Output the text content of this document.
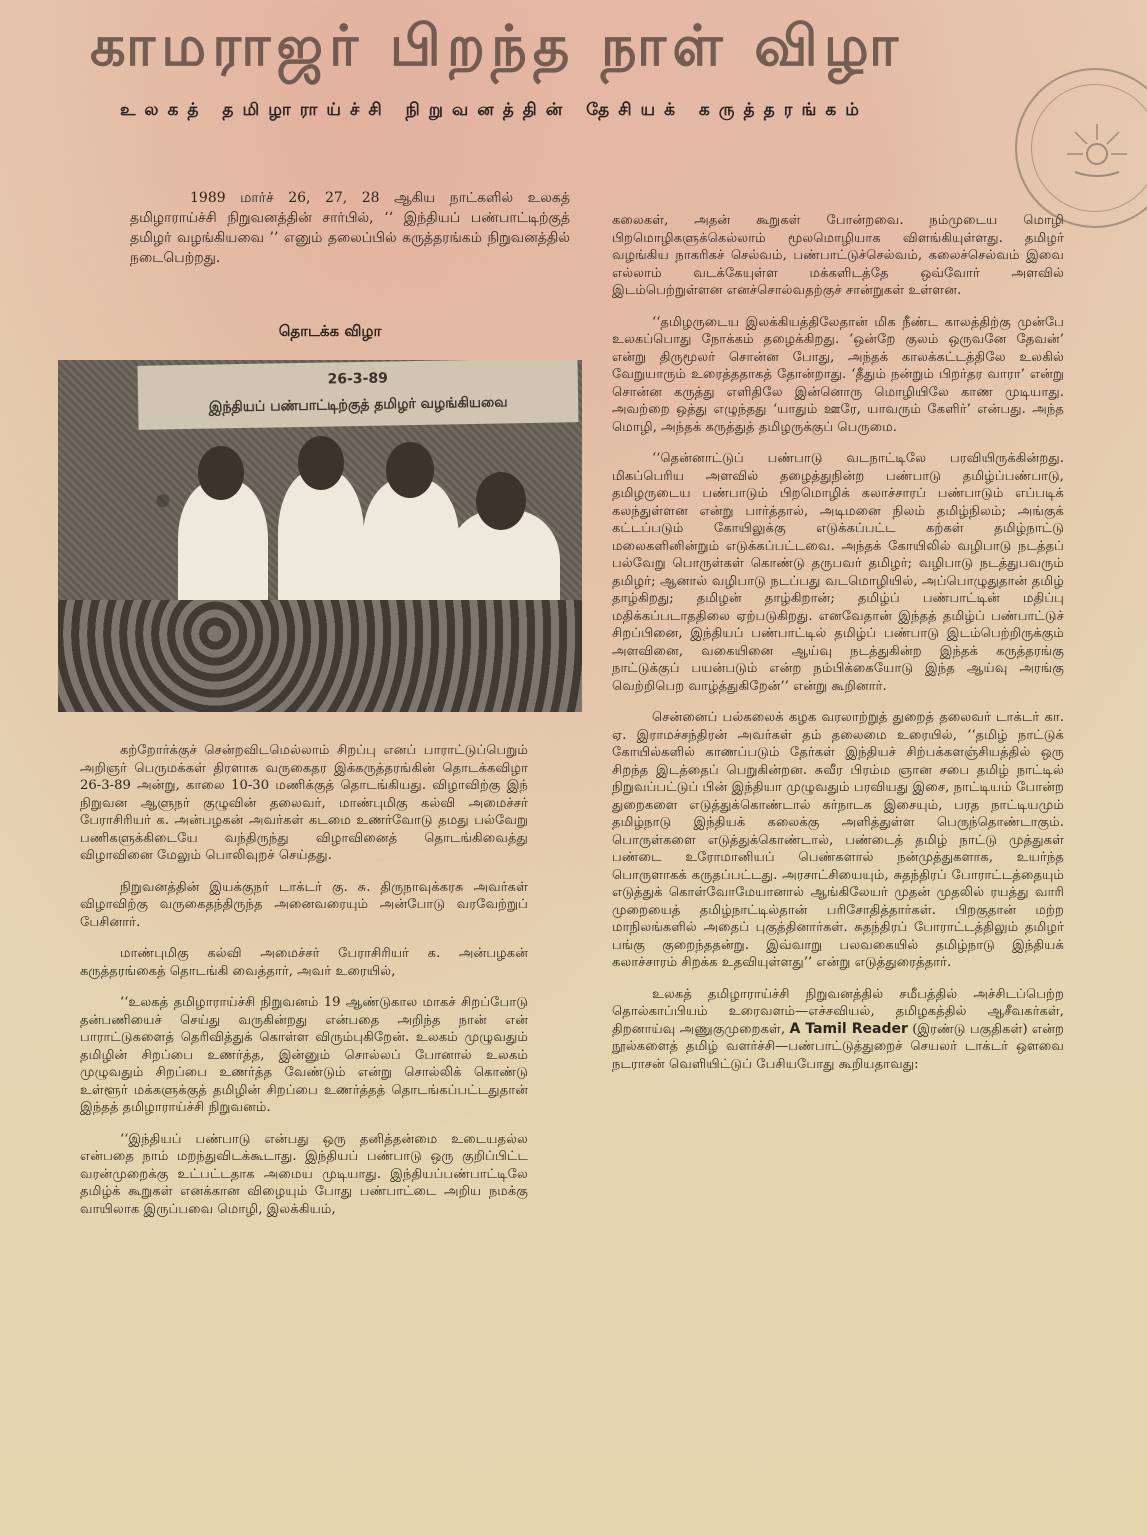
காமராஜர் பிறந்த நாள் விழா
உலகத் தமிழாராய்ச்சி நிறுவனத்தின் தேசியக் கருத்தரங்கம்

1989 மார்ச் 26, 27, 28 ஆகிய நாட்களில் உலகத் தமிழாராய்ச்சி நிறுவனத்தின் சார்பில், ‘‘ இந்தியப் பண்பாட்டிற்குத் தமிழர் வழங்கியவை ’’ எனும் தலைப்பில் கருத்தரங்கம் நிறுவனத்தில் நடைபெற்றது.

தொடக்க விழா
26-3-89
இந்தியப் பண்பாட்டிற்குத் தமிழர் வழங்கியவை

கற்றோர்க்குச் சென்றவிடமெல்லாம் சிறப்பு எனப் பாராட்டுப்பெறும் அறிஞர் பெருமக்கள் திரளாக வருகைதர இக்கருத்தரங்கின் தொடக்கவிழா 26-3-89 அன்று, காலை 10-30 மணிக்குத் தொடங்கியது. விழாவிற்கு இந் நிறுவன ஆளுநர் குழுவின் தலைவர், மாண்புமிகு கல்வி அமைச்சர் பேராசிரியர் க. அன்பழகன் அவர்கள் கடமை உணர்வோடு தமது பல்வேறு பணிகளுக்கிடையே வந்திருந்து விழாவினைத் தொடங்கிவைத்து விழாவினை மேலும் பொலிவுறச் செய்தது.

நிறுவனத்தின் இயக்குநர் டாக்டர் கு. சு. திருநாவுக்கரசு அவர்கள் விழாவிற்கு வருகைதந்திருந்த அனைவரையும் அன்போடு வரவேற்றுப் பேசினார்.

மாண்புமிகு கல்வி அமைச்சர் பேராசிரியர் க. அன்பழகன் கருத்தரங்கைத் தொடங்கி வைத்தார், அவர் உரையில்,

‘‘உலகத் தமிழாராய்ச்சி நிறுவனம் 19 ஆண்டுகால மாகச் சிறப்போடு தன்பணியைச் செய்து வருகின்றது என்பதை அறிந்த நான் என் பாராட்டுகளைத் தெரிவித்துக் கொள்ள விரும்புகிறேன். உலகம் முழுவதும் தமிழின் சிறப்பை உணர்த்த, இன்னும் சொல்லப் போனால் உலகம் முழுவதும் சிறப்பை உணர்த்த வேண்டும் என்று சொல்லிக் கொண்டு உள்ளூர் மக்களுக்குத் தமிழின் சிறப்பை உணர்த்தத் தொடங்கப்பட்டதுதான் இந்தத் தமிழாராய்ச்சி நிறுவனம்.

‘‘இந்தியப் பண்பாடு என்பது ஒரு தனித்தன்மை உடையதல்ல என்பதை நாம் மறந்துவிடக்கூடாது. இந்தியப் பண்பாடு ஒரு குறிப்பிட்ட வரன்முறைக்கு உட்பட்டதாக அமைய முடியாது. இந்தியப்பண்பாட்டிலே தமிழ்க் கூறுகள் எனக்கான விழையும் போது பண்பாட்டை அறிய நமக்கு வாயிலாக இருப்பவை மொழி, இலக்கியம்,

கலைகள், அதன் கூறுகள் போன்றவை. நம்முடைய மொழி பிறமொழிகளுக்கெல்லாம் மூலமொழியாக விளங்கியுள்ளது. தமிழர் வழங்கிய நாகரிகச் செல்வம், பண்பாட்டுச்செல்வம், கலைச்செல்வம் இவை எல்லாம் வடக்கேயுள்ள மக்களிடத்தே ஒவ்வோர் அளவில் இடம்பெற்றுள்ளன எனச்சொல்வதற்குச் சான்றுகள் உள்ளன.

‘‘தமிழருடைய இலக்கியத்திலேதான் மிக நீண்ட காலத்திற்கு முன்பே உலகப்பொது நோக்கம் தழைக்கிறது. ‘ஒன்றே குலம் ஒருவனே தேவன்’ என்று திருமூலர் சொன்ன போது, அந்தக் காலக்கட்டத்திலே உலகில் வேறுயாரும் உரைத்ததாகத் தோன்றாது. ‘தீதும் நன்றும் பிறர்தர வாரா’ என்று சொன்ன கருத்து எளிதிலே இன்னொரு மொழியிலே காண முடியாது. அவற்றை ஒத்து எழுந்தது ‘யாதும் ஊரே, யாவரும் கேளிர்’ என்பது. அந்த மொழி, அந்தக் கருத்துத் தமிழருக்குப் பெருமை.

‘‘தென்னாட்டுப் பண்பாடு வடநாட்டிலே பரவியிருக்கின்றது. மிகப்பெரிய அளவில் தழைத்துநின்ற பண்பாடு தமிழ்ப்பண்பாடு, தமிழருடைய பண்பாடும் பிறமொழிக் கலாச்சாரப் பண்பாடும் எப்படிக் கலந்துள்ளன என்று பார்த்தால், அடிமனை நிலம் தமிழ்நிலம்; அங்குக் கட்டப்படும் கோயிலுக்கு எடுக்கப்பட்ட கற்கள் தமிழ்நாட்டு மலைகளினின்றும் எடுக்கப்பட்டவை. அந்தக் கோயிலில் வழிபாடு நடத்தப் பல்வேறு பொருள்கள் கொண்டு தருபவர் தமிழர்; வழிபாடு நடத்துபவரும் தமிழர்; ஆனால் வழிபாடு நடப்பது வடமொழியில், அப்பொழுதுதான் தமிழ் தாழ்கிறது; தமிழன் தாழ்கிறான்; தமிழ்ப் பண்பாட்டின் மதிப்பு மதிக்கப்படாததிலை ஏற்படுகிறது. எனவேதான் இந்தத் தமிழ்ப் பண்பாட்டுச் சிறப்பினை, இந்தியப் பண்பாட்டில் தமிழ்ப் பண்பாடு இடம்பெற்றிருக்கும் அளவினை, வகையினை ஆய்வு நடத்துகின்ற இந்தக் கருத்தரங்கு நாட்டுக்குப் பயன்படும் என்ற நம்பிக்கையோடு இந்த ஆய்வு அரங்கு வெற்றிபெற வாழ்த்துகிறேன்’’ என்று கூறினார்.

சென்னைப் பல்கலைக் கழக வரலாற்றுத் துறைத் தலைவர் டாக்டர் கா. ஏ. இராமச்சந்திரன் அவர்கள் தம் தலைமை உரையில், ‘‘தமிழ் நாட்டுக் கோயில்களில் காணப்படும் தேர்கள் இந்தியச் சிற்பக்களஞ்சியத்தில் ஒரு சிறந்த இடத்தைப் பெறுகின்றன. சுவீர பிரம்ம ஞான சபை தமிழ் நாட்டில் நிறுவப்பட்டுப் பின் இந்தியா முழுவதும் பரவியது இசை, நாட்டியம் போன்ற துறைகளை எடுத்துக்கொண்டால் கர்நாடக இசையும், பரத நாட்டியமும் தமிழ்நாடு இந்தியக் கலைக்கு அளித்துள்ள பெருந்தொண்டாகும். பொருள்களை எடுத்துக்கொண்டால், பண்டைத் தமிழ் நாட்டு முத்துகள் பண்டை உரோமானியப் பெண்களால் நன்முத்துகளாக, உயர்ந்த பொருளாகக் கருதப்பட்டது. அரசாட்சியையும், சுதந்திரப் போராட்டத்தையும் எடுத்துக் கொள்வோமேயானால் ஆங்கிலேயர் முதன் முதலில் ரயத்து வாரி முறையைத் தமிழ்நாட்டில்தான் பரிசோதித்தார்கள். பிறகுதான் மற்ற மாநிலங்களில் அதைப் புகுத்தினார்கள். சுதந்திரப் போராட்டத்திலும் தமிழர் பங்கு குறைந்ததன்று. இவ்வாறு பலவகையில் தமிழ்நாடு இந்தியக் கலாச்சாரம் சிறக்க உதவியுள்ளது’’ என்று எடுத்துரைத்தார்.

உலகத் தமிழாராய்ச்சி நிறுவனத்தில் சமீபத்தில் அச்சிடப்பெற்ற தொல்காப்பியம் உரைவளம்—எச்சவியல், தமிழகத்தில் ஆசீவகர்கள், திறனாய்வு அணுகுமுறைகள், A Tamil Reader (இரண்டு பகுதிகள்) என்ற நூல்களைத் தமிழ் வளர்ச்சி—பண்பாட்டுத்துறைச் செயலர் டாக்டர் ஒளவை நடராசன் வெளியிட்டுப் பேசியபோது கூறியதாவது:
